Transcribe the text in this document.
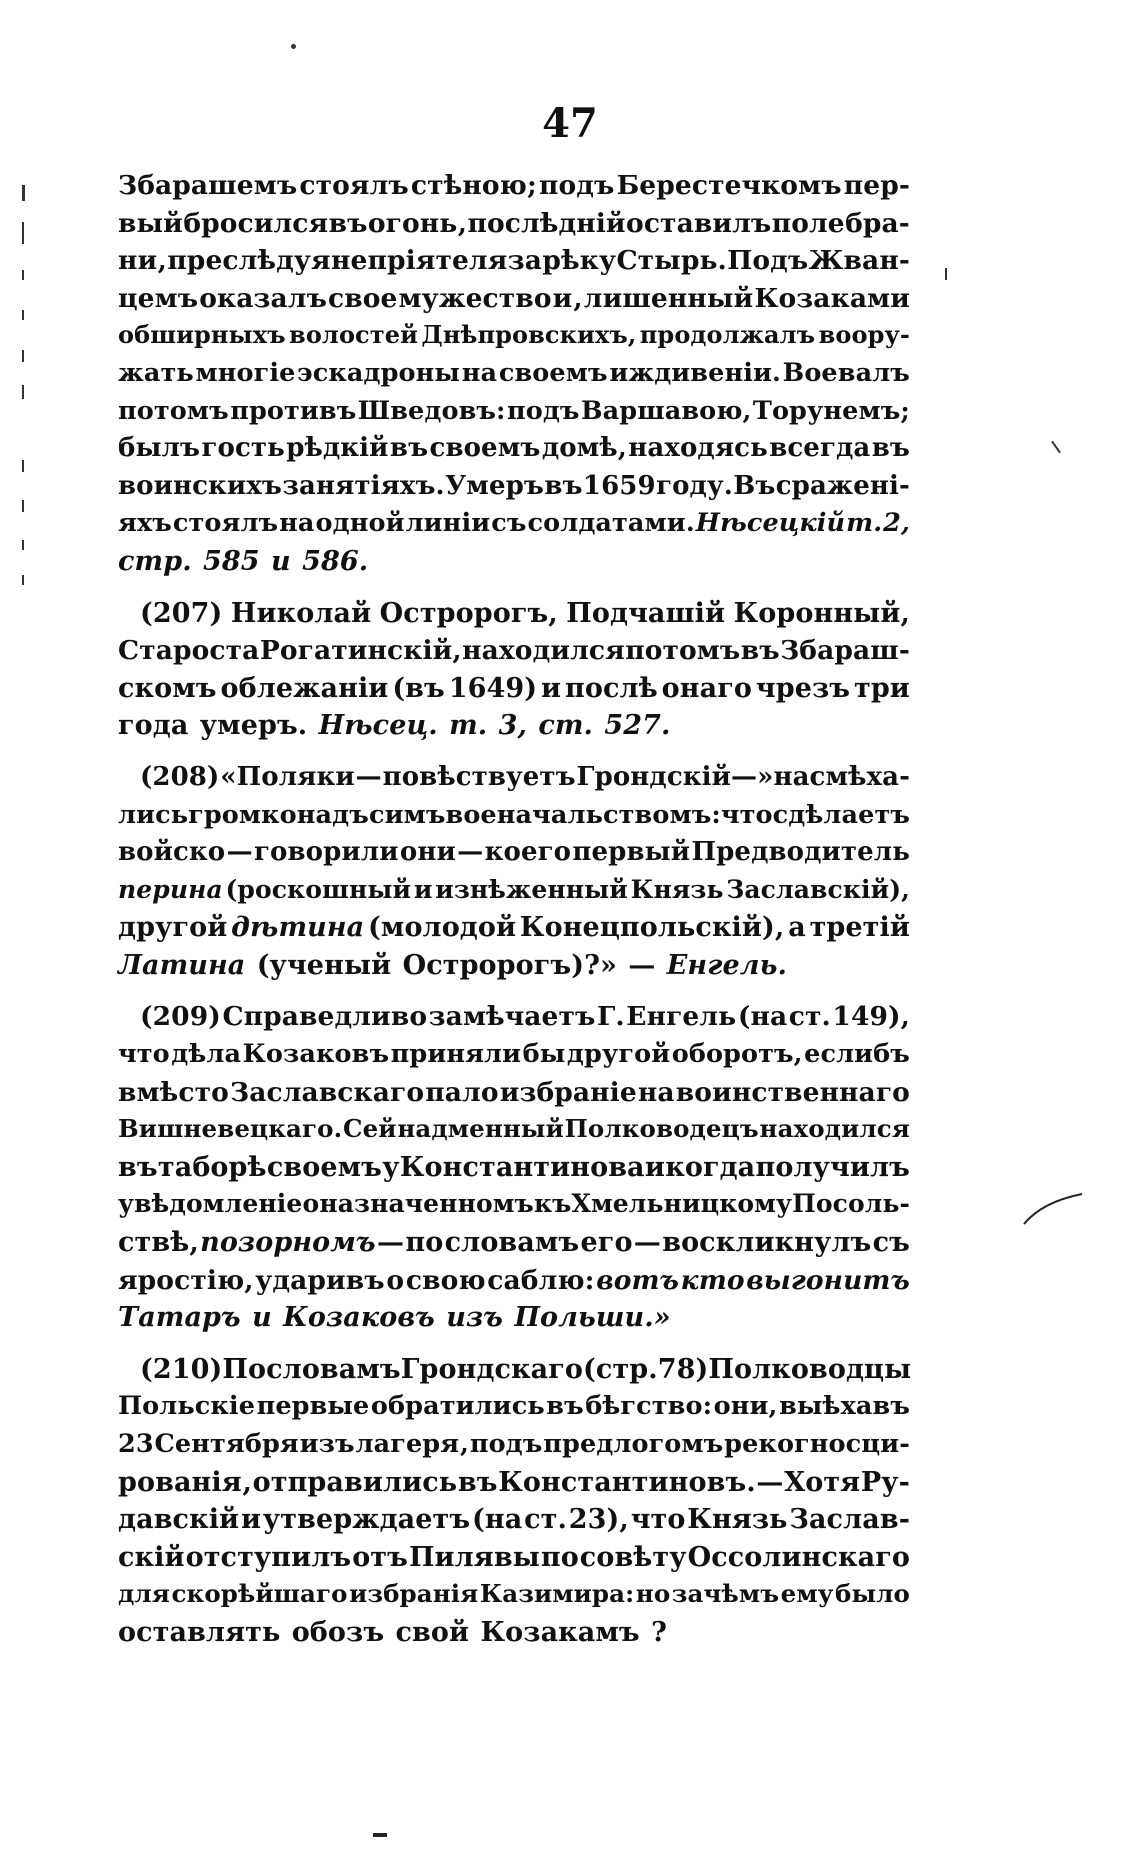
47
Збарашемъ стоялъ стѣною; подъ Берестечкомъ пер-
вый бросился въ огонь , послѣдній оставилъ поле бра-
ни , преслѣдуя непріятеля за рѣку Стырь. Подъ Жван-
цемъ оказалъ свое мужество и , лишенный Козаками
обширныхъ волостей Днѣпровскихъ, продолжалъ воору-
жать многіе эскадроны на своемъ иждивеніи. Воевалъ
потомъ противъ Шведовъ: подъ Варшавою, Торунемъ;
былъ гость рѣдкій въ своемъ домѣ, находясь всегда въ
воинскихъ занятіяхъ. Умеръ въ 1659 году. Въ сраженi-
яхъ стоялъ на одной линіи съ солдатами. Нѣсецкій т. 2,
стр. 585 и 586.
(207) Николай Остророгъ, Подчашій Коронный,
Староста Рогатинскій, находился потомъ въ Збараш-
скомъ облежаніи (въ 1649) и послѣ онаго чрезъ три
года умеръ. Нѣсец. т. 3, ст. 527.
(208) «Поляки — повѣствуетъ Грондскій—»насмѣха-
лись громко надъ симъ военачальствомъ: что сдѣлаетъ
войско — говорили они — коего первый Предводитель
перина (роскошный и изнѣженный Князь Заславскій),
другой дѣтина (молодой Конецпольскій), а третій
Латина (ученый Остророгъ)?» — Енгель.
(209) Справедливо замѣчаетъ Г. Енгель (на ст. 149),
что дѣла Козаковъ приняли бы другой оборотъ, еслибъ
вмѣсто Заславскаго пало избраніе на воинственнаго
Вишневецкаго. Сей надменный Полководецъ находился
въ таборѣ своемъ у Константинова и когда получилъ
увѣдомленіе о назначенномъ къ Хмельницкому Посоль-
ствѣ, позорномъ — по словамъ его — воскликнулъ съ
яростію, ударивъ о свою саблю: вотъ кто выгонитъ
Татаръ и Козаковъ изъ Польши.»
(210) По словамъ Грондскаго (стр. 78) Полководцы
Польскіе первые обратились въ бѣгство: они, выѣхавъ
23 Сентября изъ лагеря , подъ предлогомъ рекогносци-
рованія , отправились въ Константиновъ. — Хотя Ру-
давскій и утверждаетъ (на ст. 23), что Князь Заслав-
скій отступилъ отъ Пилявы по совѣту Оссолинскаго
для скорѣйшаго избранія Казимира: но зачѣмъ ему было
оставлять обозъ свой Козакамъ ?
